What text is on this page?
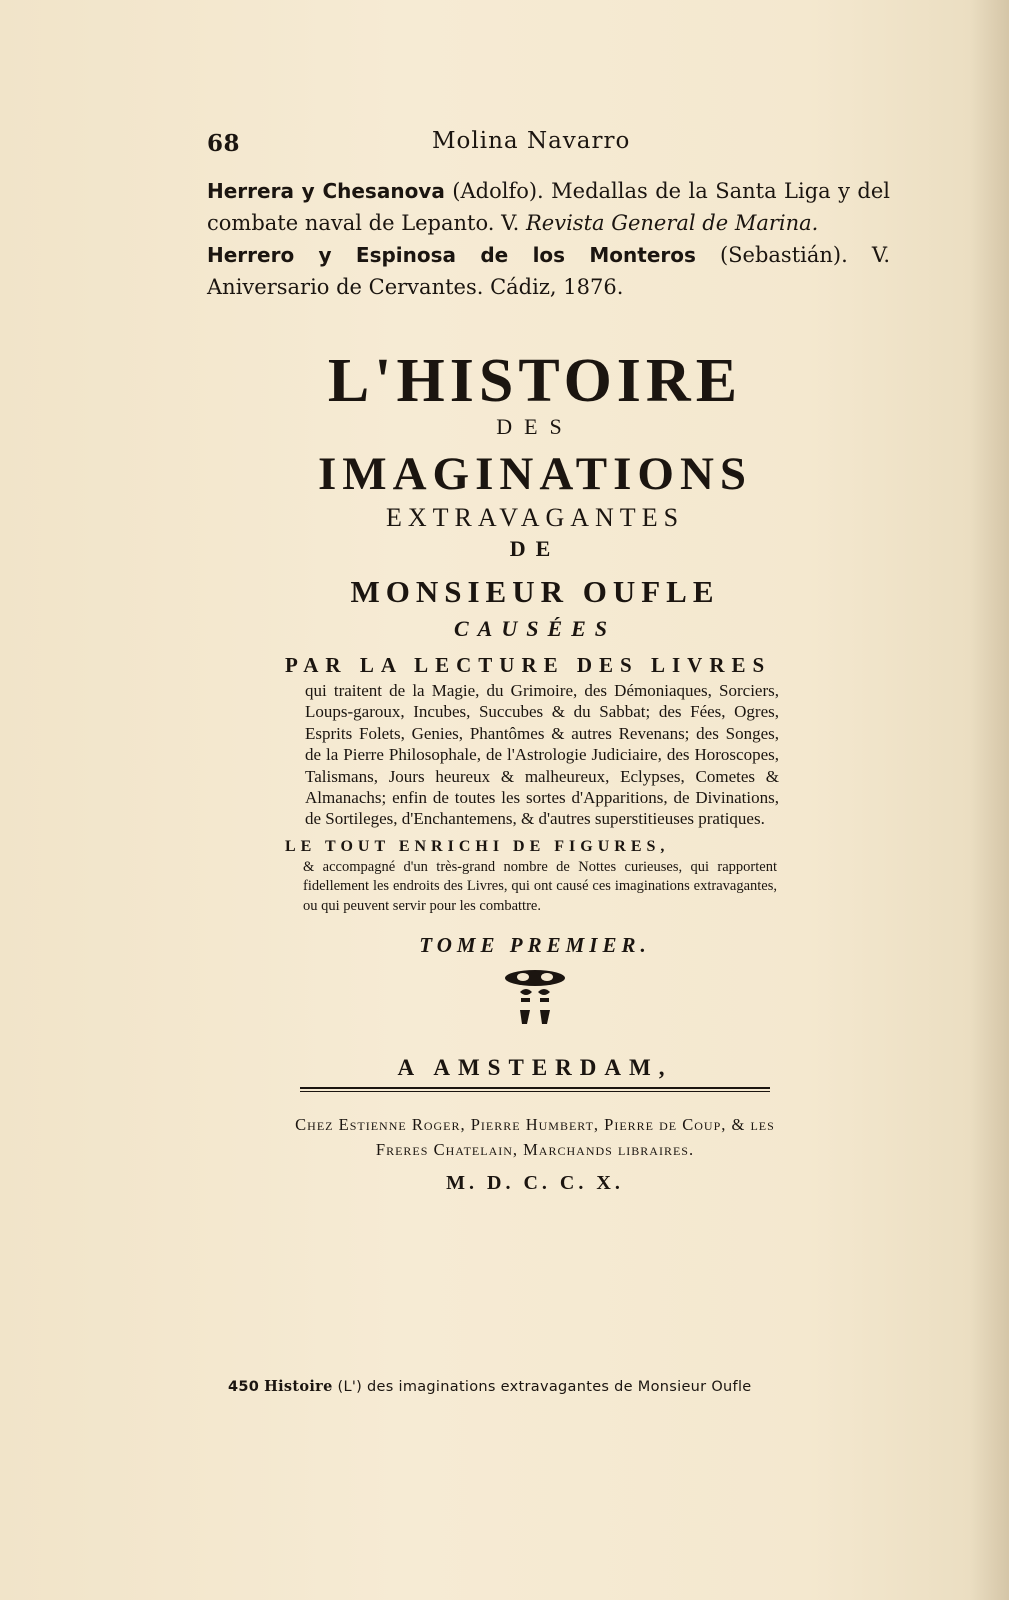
68	Molina Navarro

Herrera y Chesanova (Adolfo). Medallas de la Santa Liga y del combate naval de Lepanto. V. Revista General de Marina.

Herrero y Espinosa de los Monteros (Sebastián). V. Aniversario de Cervantes. Cádiz, 1876.

L'HISTOIRE
DES
IMAGINATIONS
EXTRAVAGANTES
DE
MONSIEUR OUFLE
CAUSÉES
PAR LA LECTURE DES LIVRES
qui traitent de la Magie, du Grimoire, des Démoniaques, Sorciers, Loups-garoux, Incubes, Succubes & du Sabbat; des Fées, Ogres, Esprits Folets, Genies, Phantômes & autres Revenans; des Songes, de la Pierre Philosophale, de l'Astrologie Judiciaire, des Horoscopes, Talismans, Jours heureux & malheureux, Eclypses, Cometes & Almanachs; enfin de toutes les sortes d'Apparitions, de Divinations, de Sortileges, d'Enchantemens, & d'autres superstitieuses pratiques.
LE TOUT ENRICHI DE FIGURES,
& accompagné d'un très-grand nombre de Nottes curieuses, qui rapportent fidellement les endroits des Livres, qui ont causé ces imaginations extravagantes, ou qui peuvent servir pour les combattre.
TOME PREMIER.
A AMSTERDAM,
Chez Estienne Roger, Pierre Humbert, Pierre de Coup, & les Freres Chatelain, Marchands libraires.
M. D. C. C. X.
450 Histoire (L') des imaginations extravagantes de Monsieur Oufle
